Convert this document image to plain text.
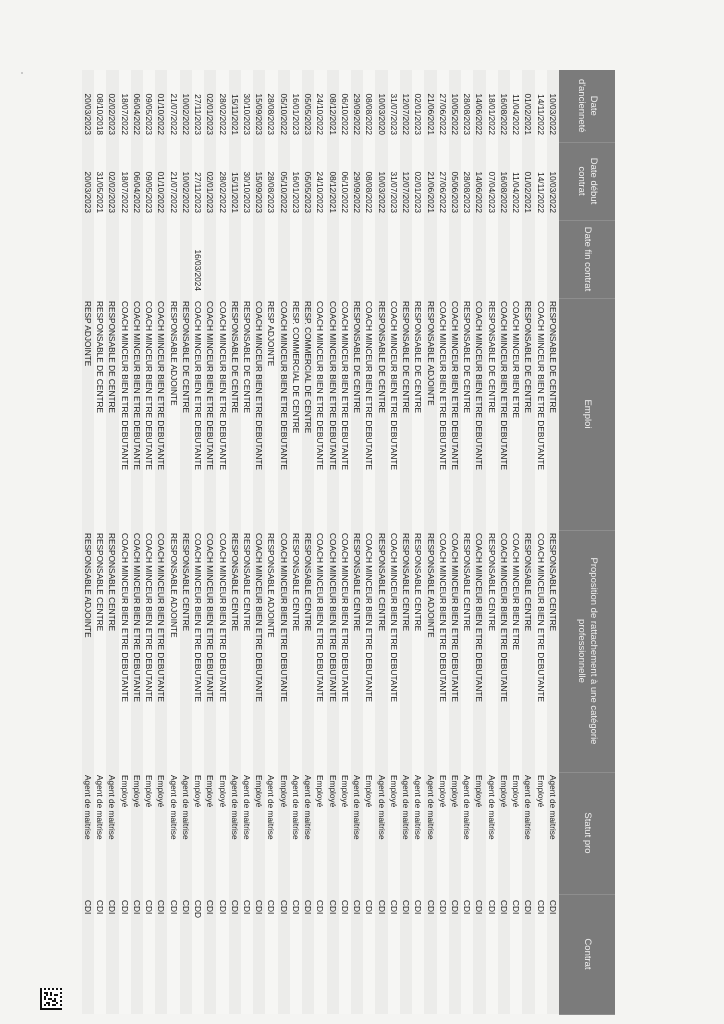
Date d'ancienneté	Date début contrat	Date fin contrat	Emploi	Proposition de rattachement à une catégorie professionnelle	Statut pro	Contrat
10/03/2022	10/03/2022		RESPONSABLE DE CENTRE	RESPONSABLE CENTRE	Agent de maitrise	CDI
14/11/2022	14/11/2022		COACH MINCEUR BIEN ETRE DEBUTANTE	COACH MINCEUR BIEN ETRE DEBUTANTE	Employé	CDI
01/02/2021	01/02/2021		RESPONSABLE DE CENTRE	RESPONSABLE CENTRE	Agent de maitrise	CDI
11/04/2022	11/04/2022		COACH MINCEUR BIEN ETRE	COACH MINCEUR BIEN ETRE	Employé	CDI
16/08/2022	16/08/2022		COACH MINCEUR BIEN ETRE DEBUTANTE	COACH MINCEUR BIEN ETRE DEBUTANTE	Employé	CDI
18/01/2022	07/04/2023		RESPONSABLE DE CENTRE	RESPONSABLE CENTRE	Agent de maitrise	CDI
14/06/2022	14/06/2022		COACH MINCEUR BIEN ETRE DEBUTANTE	COACH MINCEUR BIEN ETRE DEBUTANTE	Employé	CDI
28/08/2023	28/08/2023		RESPONSABLE DE CENTRE	RESPONSABLE CENTRE	Agent de maitrise	CDI
10/05/2022	05/06/2023		COACH MINCEUR BIEN ETRE DEBUTANTE	COACH MINCEUR BIEN ETRE DEBUTANTE	Employé	CDI
27/06/2022	27/06/2022		COACH MINCEUR BIEN ETRE DEBUTANTE	COACH MINCEUR BIEN ETRE DEBUTANTE	Employé	CDI
21/06/2021	21/06/2021		RESPONSABLE ADJOINTE	RESPONSABLE ADJOINTE	Agent de maitrise	CDI
02/01/2023	02/01/2023		RESPONSABLE DE CENTRE	RESPONSABLE CENTRE	Agent de maitrise	CDI
12/07/2022	12/07/2022		RESPONSABLE DE CENTRE	RESPONSABLE CENTRE	Agent de maitrise	CDI
31/07/2023	31/07/2023		COACH MINCEUR BIEN ETRE DEBUTANTE	COACH MINCEUR BIEN ETRE DEBUTANTE	Employé	CDI
10/03/2020	10/03/2022		RESPONSABLE DE CENTRE	RESPONSABLE CENTRE	Agent de maitrise	CDI
08/08/2022	08/08/2022		COACH MINCEUR BIEN ETRE DEBUTANTE	COACH MINCEUR BIEN ETRE DEBUTANTE	Employé	CDI
29/09/2022	29/09/2022		RESPONSABLE DE CENTRE	RESPONSABLE CENTRE	Agent de maitrise	CDI
06/10/2022	06/10/2022		COACH MINCEUR BIEN ETRE DEBUTANTE	COACH MINCEUR BIEN ETRE DEBUTANTE	Employé	CDI
08/12/2021	08/12/2021		COACH MINCEUR BIEN ETRE DEBUTANTE	COACH MINCEUR BIEN ETRE DEBUTANTE	Employé	CDI
24/10/2022	24/10/2022		COACH MINCEUR BIEN ETRE DEBUTANTE	COACH MINCEUR BIEN ETRE DEBUTANTE	Employé	CDI
05/05/2023	05/05/2023		RESP. COMMERCIAL DE CENTRE	RESPONSABLE CENTRE	Agent de maitrise	CDI
16/01/2023	16/01/2023		RESP. COMMERCIAL DE CENTRE	RESPONSABLE CENTRE	Agent de maitrise	CDI
05/10/2022	05/10/2022		COACH MINCEUR BIEN ETRE DEBUTANTE	COACH MINCEUR BIEN ETRE DEBUTANTE	Employé	CDI
28/08/2023	28/08/2023		RESP ADJOINTE	RESPONSABLE ADJOINTE	Agent de maitrise	CDI
15/09/2023	15/09/2023		COACH MINCEUR BIEN ETRE DEBUTANTE	COACH MINCEUR BIEN ETRE DEBUTANTE	Employé	CDI
30/10/2023	30/10/2023		RESPONSABLE DE CENTRE	RESPONSABLE CENTRE	Agent de maitrise	CDI
15/11/2021	15/11/2021		RESPONSABLE DE CENTRE	RESPONSABLE CENTRE	Agent de maitrise	CDI
28/02/2022	28/02/2022		COACH MINCEUR BIEN ETRE DEBUTANTE	COACH MINCEUR BIEN ETRE DEBUTANTE	Employé	CDI
02/01/2023	02/01/2023		COACH MINCEUR BIEN ETRE DEBUTANTE	COACH MINCEUR BIEN ETRE DEBUTANTE	Employé	CDI
27/11/2023	27/11/2023	16/03/2024	COACH MINCEUR BIEN ETRE DEBUTANTE	COACH MINCEUR BIEN ETRE DEBUTANTE	Employé	CDD
10/02/2022	10/02/2022		RESPONSABLE DE CENTRE	RESPONSABLE CENTRE	Agent de maitrise	CDI
21/07/2022	21/07/2022		RESPONSABLE ADJOINTE	RESPONSABLE ADJOINTE	Agent de maitrise	CDI
01/10/2022	01/10/2022		COACH MINCEUR BIEN ETRE DEBUTANTE	COACH MINCEUR BIEN ETRE DEBUTANTE	Employé	CDI
09/05/2023	09/05/2023		COACH MINCEUR BIEN ETRE DEBUTANTE	COACH MINCEUR BIEN ETRE DEBUTANTE	Employé	CDI
06/04/2022	06/04/2022		COACH MINCEUR BIEN ETRE DEBUTANTE	COACH MINCEUR BIEN ETRE DEBUTANTE	Employé	CDI
18/07/2022	18/07/2022		COACH MINCEUR BIEN ETRE DEBUTANTE	COACH MINCEUR BIEN ETRE DEBUTANTE	Employé	CDI
02/02/2023	02/02/2023		RESPONSABLE DE CENTRE	RESPONSABLE CENTRE	Agent de maitrise	CDI
08/10/2018	31/05/2021		RESPONSABLE DE CENTRE	RESPONSABLE CENTRE	Agent de maitrise	CDI
20/03/2023	20/03/2023		RESP ADJOINTE	RESPONSABLE ADJOINTE	Agent de maitrise	CDI
